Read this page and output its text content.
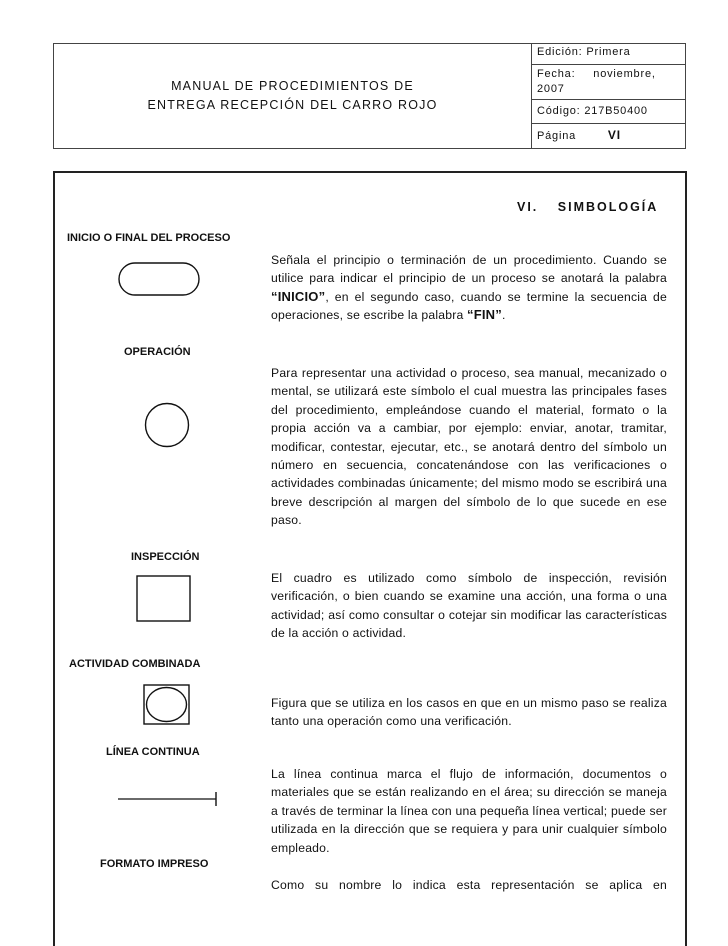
MANUAL DE PROCEDIMIENTOS DE
ENTREGA RECEPCIÓN DEL CARRO ROJO
Edición: Primera
Fecha: noviembre,
2007
Código: 217B50400
Página	VI
VI. SIMBOLOGÍA
INICIO O FINAL DEL PROCESO
Señala el principio o terminación de un procedimiento. Cuando se utilice para indicar el principio de un proceso se anotará la palabra “INICIO”, en el segundo caso, cuando se termine la secuencia de operaciones, se escribe la palabra “FIN”.
OPERACIÓN
Para representar una actividad o proceso, sea manual, mecanizado o mental, se utilizará este símbolo el cual muestra las principales fases del procedimiento, empleándose cuando el material, formato o la propia acción va a cambiar, por ejemplo: enviar, anotar, tramitar, modificar, contestar, ejecutar, etc., se anotará dentro del símbolo un número en secuencia, concatenándose con las verificaciones o actividades combinadas únicamente; del mismo modo se escribirá una breve descripción al margen del símbolo de lo que sucede en ese paso.
INSPECCIÓN
El cuadro es utilizado como símbolo de inspección, revisión verificación, o bien cuando se examine una acción, una forma o una actividad; así como consultar o cotejar sin modificar las características de la acción o actividad.
ACTIVIDAD COMBINADA
Figura que se utiliza en los casos en que en un mismo paso se realiza tanto una operación como una verificación.
LÍNEA CONTINUA
La línea continua marca el flujo de información, documentos o materiales que se están realizando en el área; su dirección se maneja a través de terminar la línea con una pequeña línea vertical; puede ser utilizada en la dirección que se requiera y para unir cualquier símbolo empleado.
FORMATO IMPRESO
Como su nombre lo indica esta representación se aplica en
